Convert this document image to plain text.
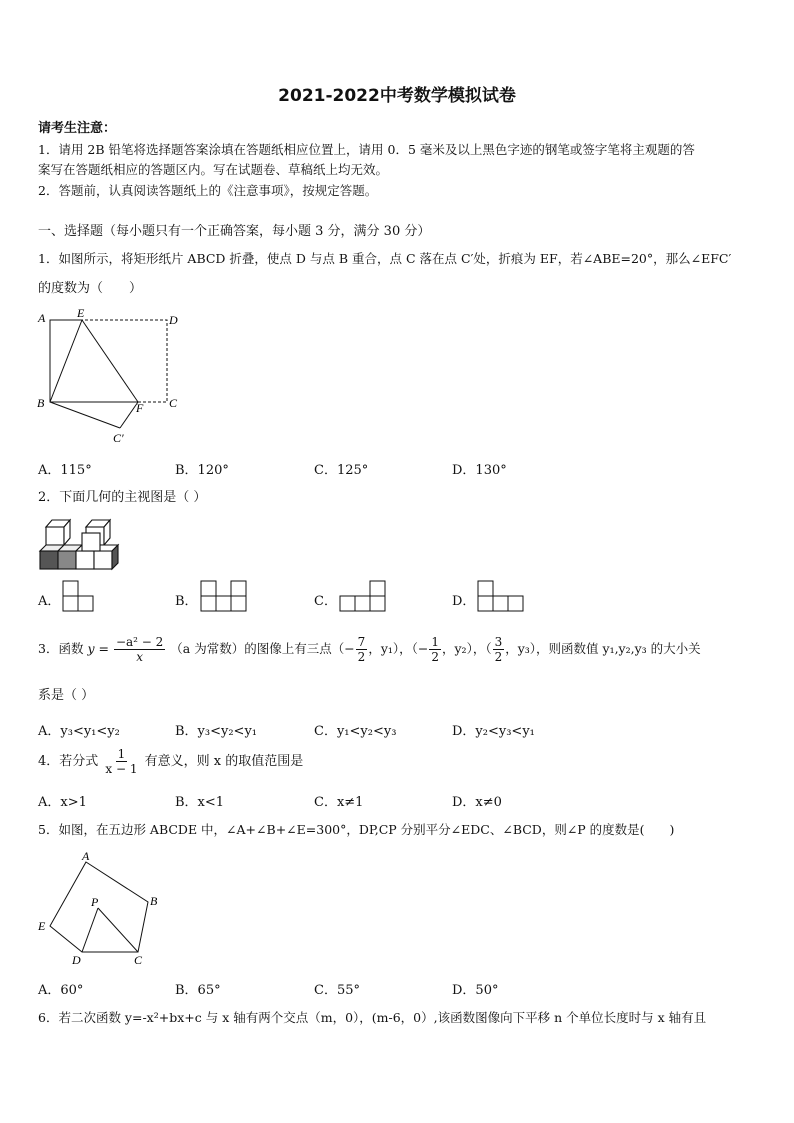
2021-2022中考数学模拟试卷
请考生注意：
1．请用 2B 铅笔将选择题答案涂填在答题纸相应位置上，请用 0．5 毫米及以上黑色字迹的钢笔或签字笔将主观题的答
案写在答题纸相应的答题区内。写在试题卷、草稿纸上均无效。
2．答题前，认真阅读答题纸上的《注意事项》，按规定答题。
一、选择题（每小题只有一个正确答案，每小题 3 分，满分 30 分）
1．如图所示，将矩形纸片 ABCD 折叠，使点 D 与点 B 重合，点 C 落在点 C′处，折痕为 EF，若∠ABE=20°，那么∠EFC′
的度数为（　　）
A	E	D
B	F C
C′
A．115°	B．120°	C．125°	D．130°
2．下面几何的主视图是（ ）
A．	B．	C．	D．
3．函数 $y = \frac{\text{−a² − 2}}{x} (a$ 为常数）的图像上有三点（− $\frac{7}{2}$ ，y₁），（− $\frac{1}{2}$ ，y₂），（ $\frac{3}{2}$ ，y₃），则函数值 y₁,y₂,y₃ 的大小关
系是（ ）
A．y₃<y₁<y₂	B．y₃<y₂<y₁	C．y₁<y₂<y₃	D．y₂<y₃<y₁
4．若分式 $\frac{1}{x - 1}$ 有意义，则 x 的取值范围是
A．x>1	B．x<1	C．x≠1	D．x≠0
5．如图，在五边形 ABCDE 中，∠A+∠B+∠E=300°，DP,CP 分别平分∠EDC、∠BCD，则∠P 的度数是(　　)
A
B
C
D
E
P
A．60°	B．65°	C．55°	D．50°
6．若二次函数 y=-x²+bx+c 与 x 轴有两个交点（m，0），(m-6，0）,该函数图像向下平移 n 个单位长度时与 x 轴有且
